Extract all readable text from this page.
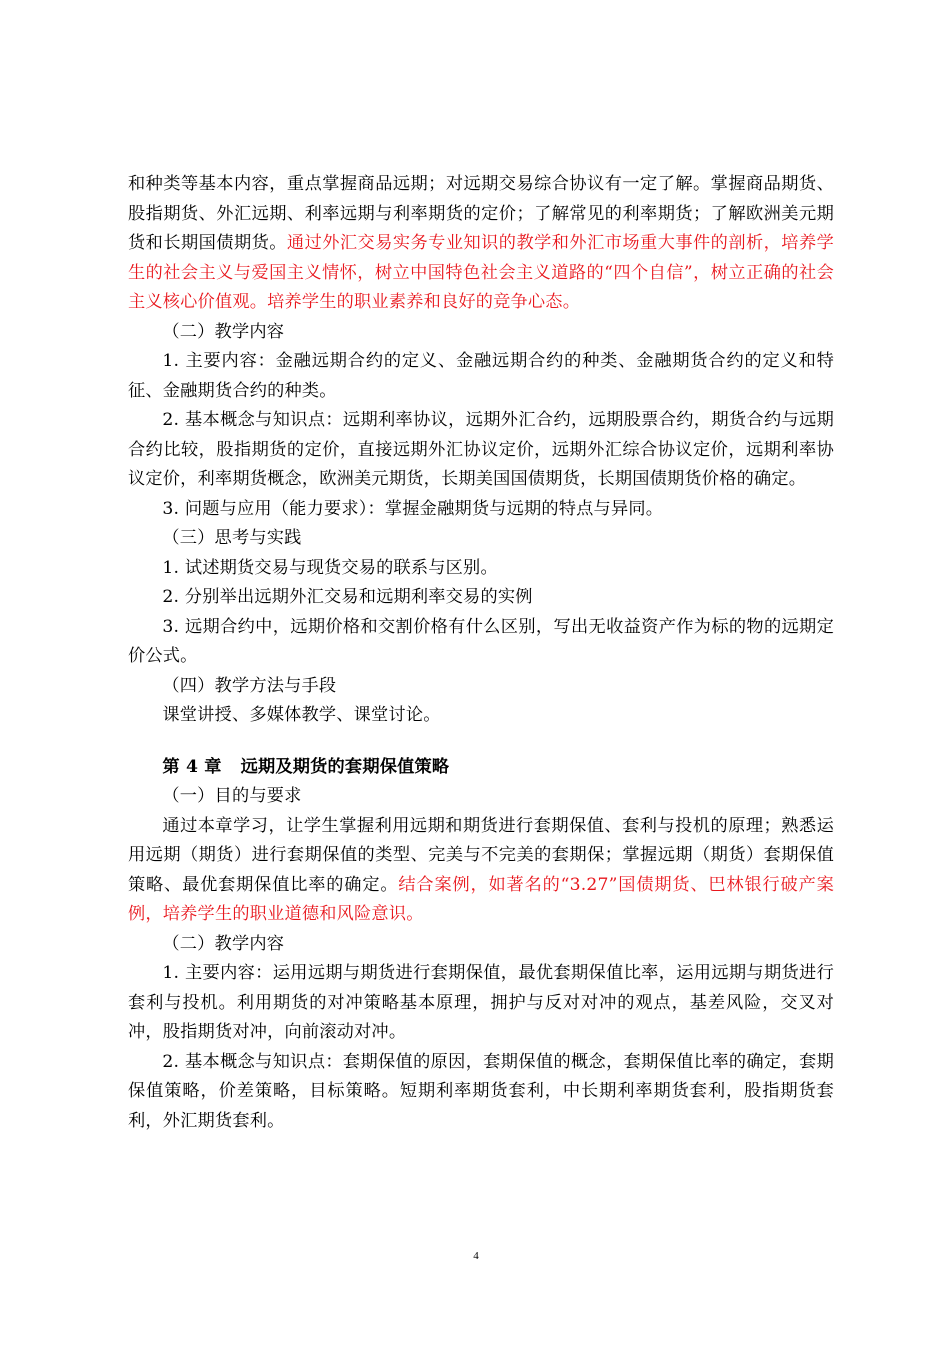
和种类等基本内容，重点掌握商品远期；对远期交易综合协议有一定了解。掌握商品期货、股指期货、外汇远期、利率远期与利率期货的定价；了解常见的利率期货；了解欧洲美元期货和长期国债期货。通过外汇交易实务专业知识的教学和外汇市场重大事件的剖析，培养学生的社会主义与爱国主义情怀，树立中国特色社会主义道路的“四个自信”，树立正确的社会主义核心价值观。培养学生的职业素养和良好的竞争心态。

（二）教学内容

1. 主要内容：金融远期合约的定义、金融远期合约的种类、金融期货合约的定义和特征、金融期货合约的种类。

2. 基本概念与知识点：远期利率协议，远期外汇合约，远期股票合约，期货合约与远期合约比较，股指期货的定价，直接远期外汇协议定价，远期外汇综合协议定价，远期利率协议定价，利率期货概念，欧洲美元期货，长期美国国债期货，长期国债期货价格的确定。

3. 问题与应用（能力要求）：掌握金融期货与远期的特点与异同。

（三）思考与实践

1. 试述期货交易与现货交易的联系与区别。

2. 分别举出远期外汇交易和远期利率交易的实例

3. 远期合约中，远期价格和交割价格有什么区别，写出无收益资产作为标的物的远期定价公式。

（四）教学方法与手段

课堂讲授、多媒体教学、课堂讨论。

第 4 章 远期及期货的套期保值策略

（一）目的与要求

通过本章学习，让学生掌握利用远期和期货进行套期保值、套利与投机的原理；熟悉运用远期（期货）进行套期保值的类型、完美与不完美的套期保；掌握远期（期货）套期保值策略、最优套期保值比率的确定。结合案例，如著名的“3.27”国债期货、巴林银行破产案例，培养学生的职业道德和风险意识。

（二）教学内容

1. 主要内容：运用远期与期货进行套期保值，最优套期保值比率，运用远期与期货进行套利与投机。利用期货的对冲策略基本原理，拥护与反对对冲的观点，基差风险，交叉对冲，股指期货对冲，向前滚动对冲。

2. 基本概念与知识点：套期保值的原因，套期保值的概念，套期保值比率的确定，套期保值策略，价差策略，目标策略。短期利率期货套利，中长期利率期货套利，股指期货套利，外汇期货套利。

4
